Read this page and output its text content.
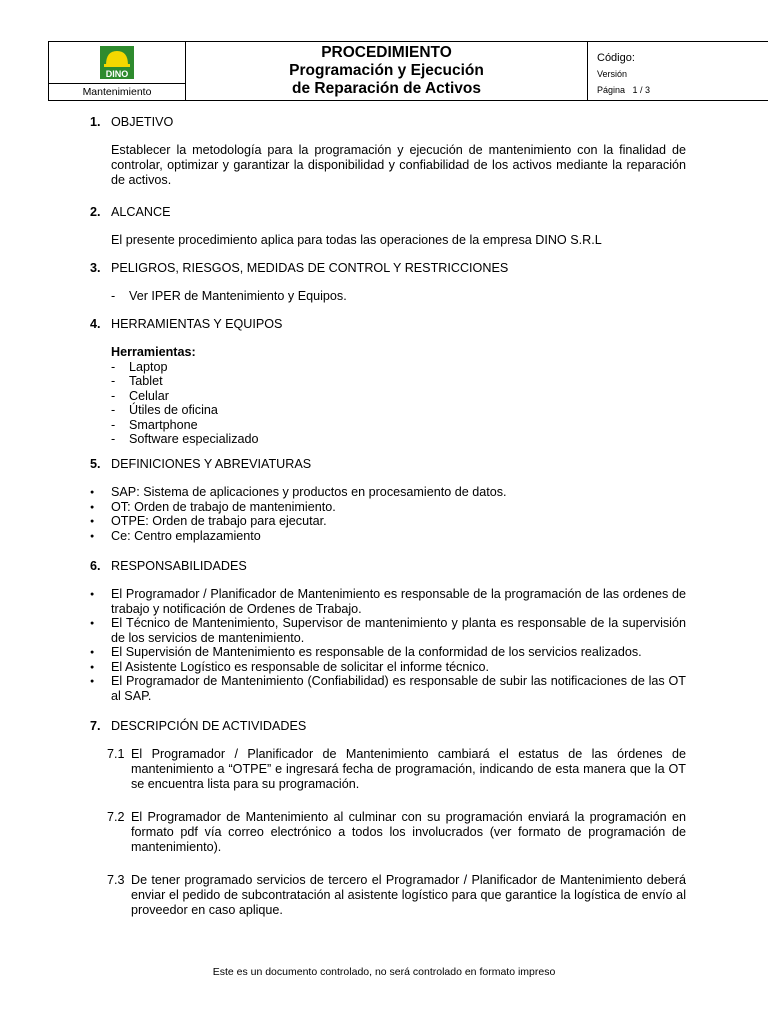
DINO
Mantenimiento
PROCEDIMIENTO
Programación y Ejecución
de Reparación de Activos
Código:
Versión
Página 1 / 3
1. OBJETIVO
Establecer la metodología para la programación y ejecución de mantenimiento con la finalidad de controlar, optimizar y garantizar la disponibilidad y confiabilidad de los activos mediante la reparación de activos.
2. ALCANCE
El presente procedimiento aplica para todas las operaciones de la empresa DINO S.R.L
3. PELIGROS, RIESGOS, MEDIDAS DE CONTROL Y RESTRICCIONES
- Ver IPER de Mantenimiento y Equipos.
4. HERRAMIENTAS Y EQUIPOS
Herramientas:
- Laptop
- Tablet
- Celular
- Útiles de oficina
- Smartphone
- Software especializado
5. DEFINICIONES Y ABREVIATURAS
● SAP: Sistema de aplicaciones y productos en procesamiento de datos.
● OT: Orden de trabajo de mantenimiento.
● OTPE: Orden de trabajo para ejecutar.
● Ce: Centro emplazamiento
6. RESPONSABILIDADES
● El Programador / Planificador de Mantenimiento es responsable de la programación de las ordenes de trabajo y notificación de Ordenes de Trabajo.
● El Técnico de Mantenimiento, Supervisor de mantenimiento y planta es responsable de la supervisión de los servicios de mantenimiento.
● El Supervisión de Mantenimiento es responsable de la conformidad de los servicios realizados.
● El Asistente Logístico es responsable de solicitar el informe técnico.
● El Programador de Mantenimiento (Confiabilidad) es responsable de subir las notificaciones de las OT al SAP.
7. DESCRIPCIÓN DE ACTIVIDADES
7.1 El Programador / Planificador de Mantenimiento cambiará el estatus de las órdenes de mantenimiento a “OTPE” e ingresará fecha de programación, indicando de esta manera que la OT se encuentra lista para su programación.
7.2 El Programador de Mantenimiento al culminar con su programación enviará la programación en formato pdf vía correo electrónico a todos los involucrados (ver formato de programación de mantenimiento).
7.3 De tener programado servicios de tercero el Programador / Planificador de Mantenimiento deberá enviar el pedido de subcontratación al asistente logístico para que garantice la logística de envío al proveedor en caso aplique.
Este es un documento controlado, no será controlado en formato impreso
